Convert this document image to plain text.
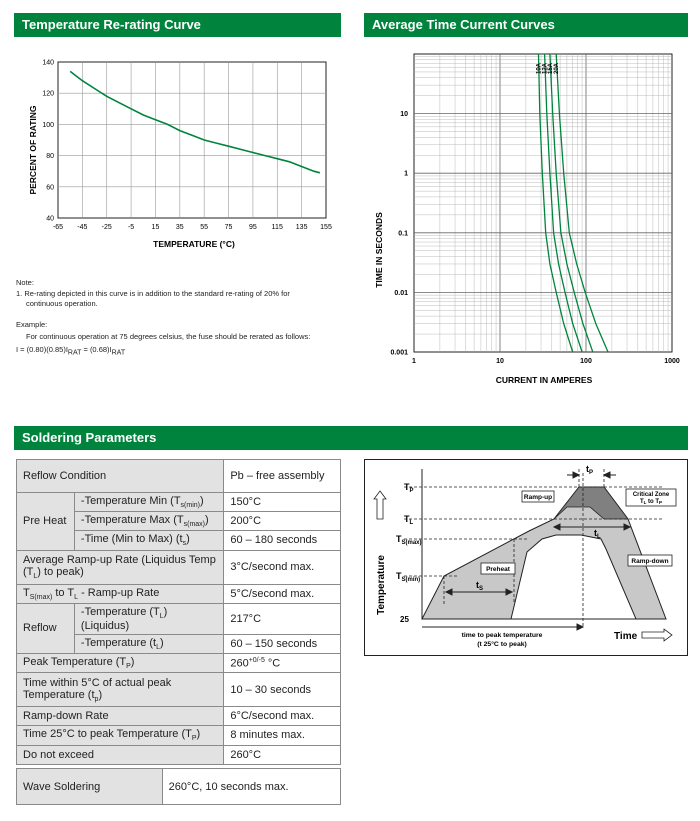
Temperature Re-rating Curve
-65 -45 -25 -5 15 35 55 75 95 115 135 155
40
60
80
100
120
140
TEMPERATURE (°C)
PERCENT OF RATING
Note:
1. Re-rating depicted in this curve is in addition to the standard re-rating of 20% for
continuous operation.
Example:
For continuous operation at 75 degrees celsius, the fuse should be rerated as follows:
$I = (0.80)(0.85)I_{RAT} = (0.68)I_{RAT}$
Average Time Current Curves
1	10	100	1000
0.001
0.01
0.1
1
10
10A 12A 15A 20A
CURRENT IN AMPERES
TIME IN SECONDS
Soldering Parameters
Reflow Condition		Pb – free assembly
Pre Heat	-Temperature Min $(T_{s(min)})$	150°C
	-Temperature Max $(T_{s(max)})$	200°C
	-Time (Min to Max) $(t_s)$	60 – 180 seconds
Average Ramp-up Rate (Liquidus Temp $(T_L)$ to peak)		3°C/second max.
$T_{S(max)}$ to $T_L$ - Ramp-up Rate		5°C/second max.
Reflow	-Temperature $(T_L)$ (Liquidus)	217°C
	-Temperature $(t_L)$	60 – 150 seconds
Peak Temperature $(T_P)$		$260^{+0/-5}$ °C
Time within 5°C of actual peak Temperature $(t_p)$		10 – 30 seconds
Ramp-down Rate		6°C/second max.
Time 25°C to peak Temperature $(T_P)$		8 minutes max.
Do not exceed		260°C
Wave Soldering	260°C, 10 seconds max.
Temperature
$T_P$
$T_L$
$T_{S(max)}$
$T_{S(min)}$
25
Ramp-up
Ramp-down
Preheat
Critical Zone
TL to TP
$t_P$
$t_L$
$t_S$
time to peak temperature
(t 25°C to peak)
Time
